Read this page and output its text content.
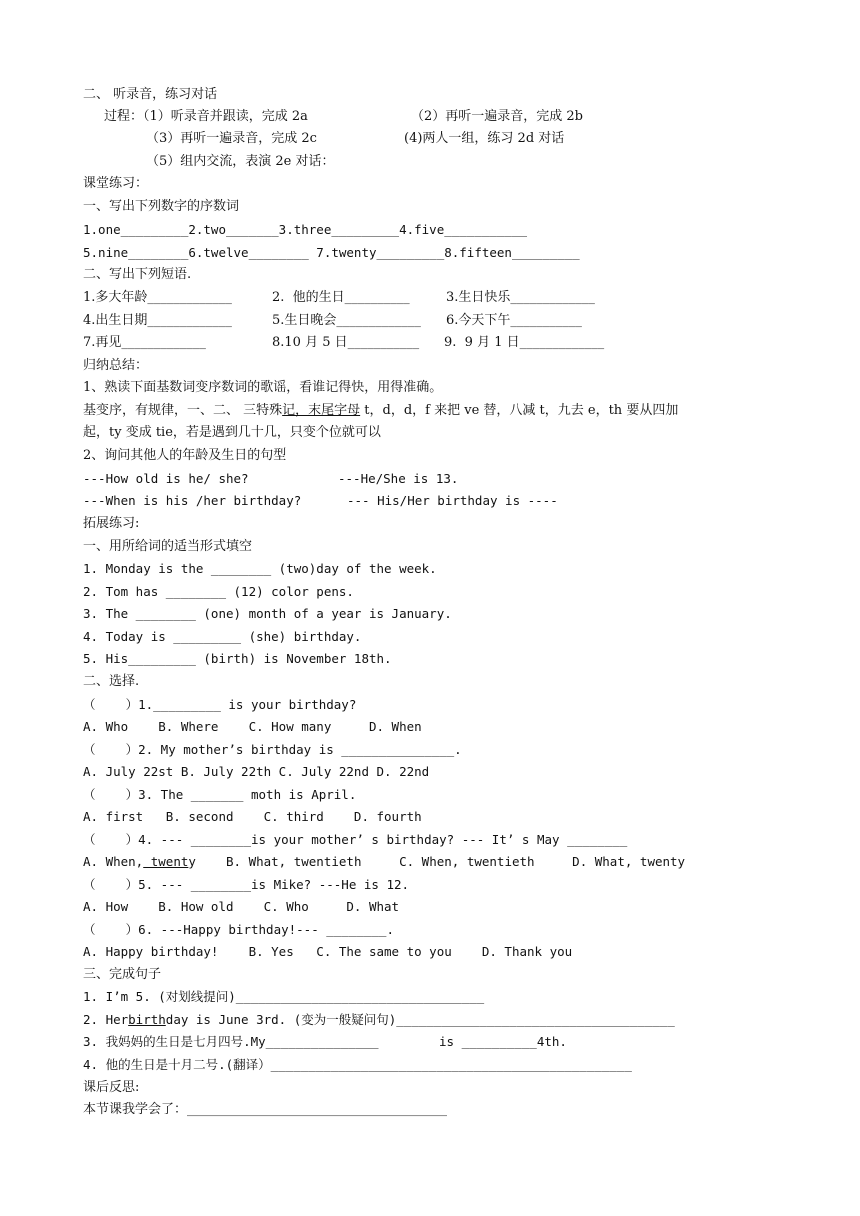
二、 听录音，练习对话
过程：（1）听录音并跟读，完成 2a	（2）再听一遍录音，完成 2b
（3）再听一遍录音，完成 2c	(4)两人一组，练习 2d 对话
（5）组内交流，表演 2e 对话：
课堂练习：
一、写出下列数字的序数词
1.one_________2.two_______3.three_________4.five___________
5.nine________6.twelve________ 7.twenty_________8.fifteen_________
二、写出下列短语.
1.多大年龄_____________	2.  他的生日__________	3.生日快乐_____________
4.出生日期_____________	5.生日晚会_____________ 6.今天下午___________
7.再见_____________	8.10 月 5 日___________ 9.  9 月 1 日_____________
归纳总结：
1、熟读下面基数词变序数词的歌谣，看谁记得快，用得准确。
基变序，有规律，一、二、 三特殊记，末尾字母 t，d，d，f 来把 ve 替，八减 t，九去 e，th 要从四加
起，ty 变成 tie，若是遇到几十几，只变个位就可以
2、询问其他人的年龄及生日的句型
---How old is he/ she?	---He/She is 13.
---When is his /her birthday?	--- His/Her birthday is ----
拓展练习:
一、用所给词的适当形式填空
1. Monday is the ________ (two)day of the week.
2. Tom has ________ (12) color pens.
3. The ________ (one) month of a year is January.
4. Today is _________ (she) birthday.
5. His_________ (birth) is November 18th.
二、选择.
（    ）1._________ is your birthday?
A. Who    B. Where    C. How many     D. When
（    ）2. My mother’s birthday is _______________.
A. July 22st B. July 22th C. July 22nd D. 22nd
（    ）3. The _______ moth is April.
A. first   B. second    C. third    D. fourth
（    ）4. --- ________is your mother’ s birthday? --- It’ s May ________
A. When, twenty    B. What, twentieth     C. When, twentieth     D. What, twenty
（    ）5. --- ________is Mike? ---He is 12.
A. How    B. How old    C. Who     D. What
（    ）6. ---Happy birthday!--- ________.
A. Happy birthday!    B. Yes   C. The same to you    D. Thank you
三、完成句子
1. I’m 5. (对划线提问)_________________________________
2. Herbirthday is June 3rd. (变为一般疑问句)_____________________________________
3. 我妈妈的生日是七月四号.My_______________	is __________4th.
4. 他的生日是十月二号.(翻译）________________________________________________
课后反思:
本节课我学会了：________________________________________
